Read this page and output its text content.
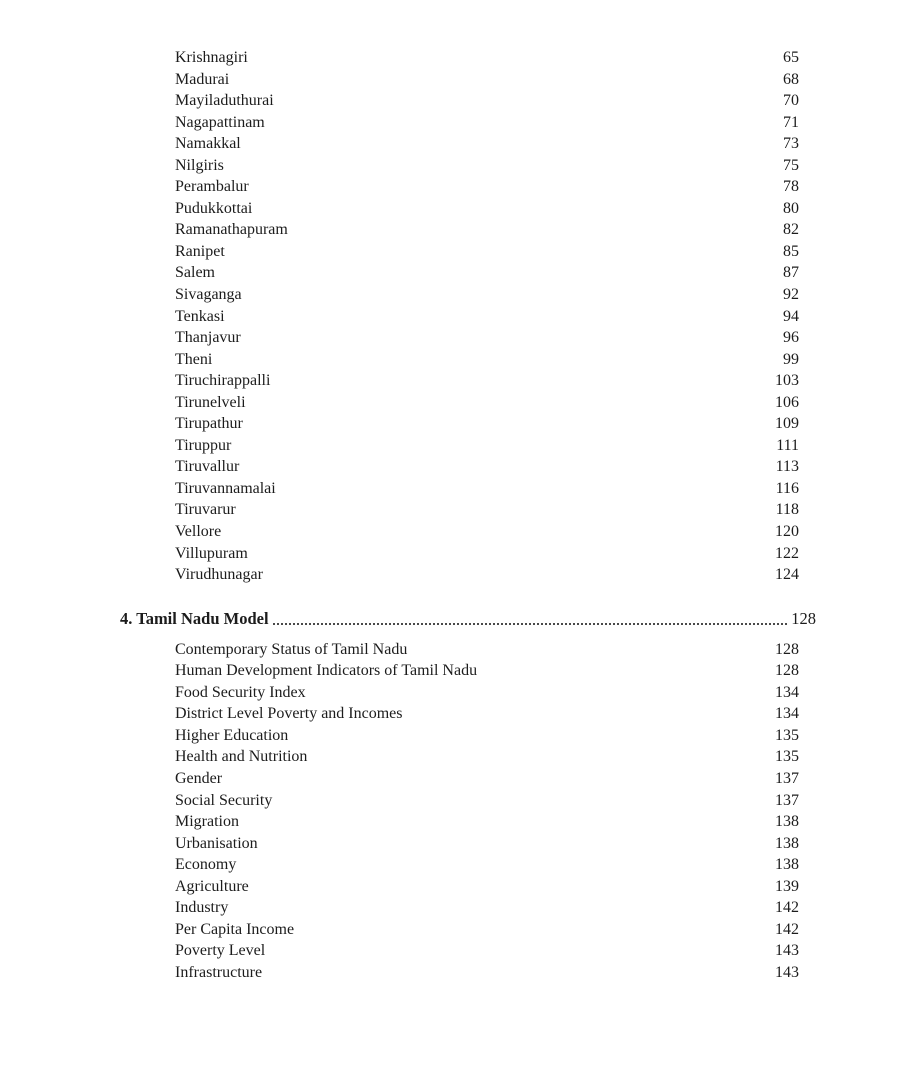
Krishnagiri	65
Madurai	68
Mayiladuthurai	70
Nagapattinam	71
Namakkal	73
Nilgiris	75
Perambalur	78
Pudukkottai	80
Ramanathapuram	82
Ranipet	85
Salem	87
Sivaganga	92
Tenkasi	94
Thanjavur	96
Theni	99
Tiruchirappalli	103
Tirunelveli	106
Tirupathur	109
Tiruppur	111
Tiruvallur	113
Tiruvannamalai	116
Tiruvarur	118
Vellore	120
Villupuram	122
Virudhunagar	124
4. Tamil Nadu Model	128
Contemporary Status of Tamil Nadu	128
Human Development Indicators of Tamil Nadu	128
Food Security Index	134
District Level Poverty and Incomes	134
Higher Education	135
Health and Nutrition	135
Gender	137
Social Security	137
Migration	138
Urbanisation	138
Economy	138
Agriculture	139
Industry	142
Per Capita Income	142
Poverty Level	143
Infrastructure	143
